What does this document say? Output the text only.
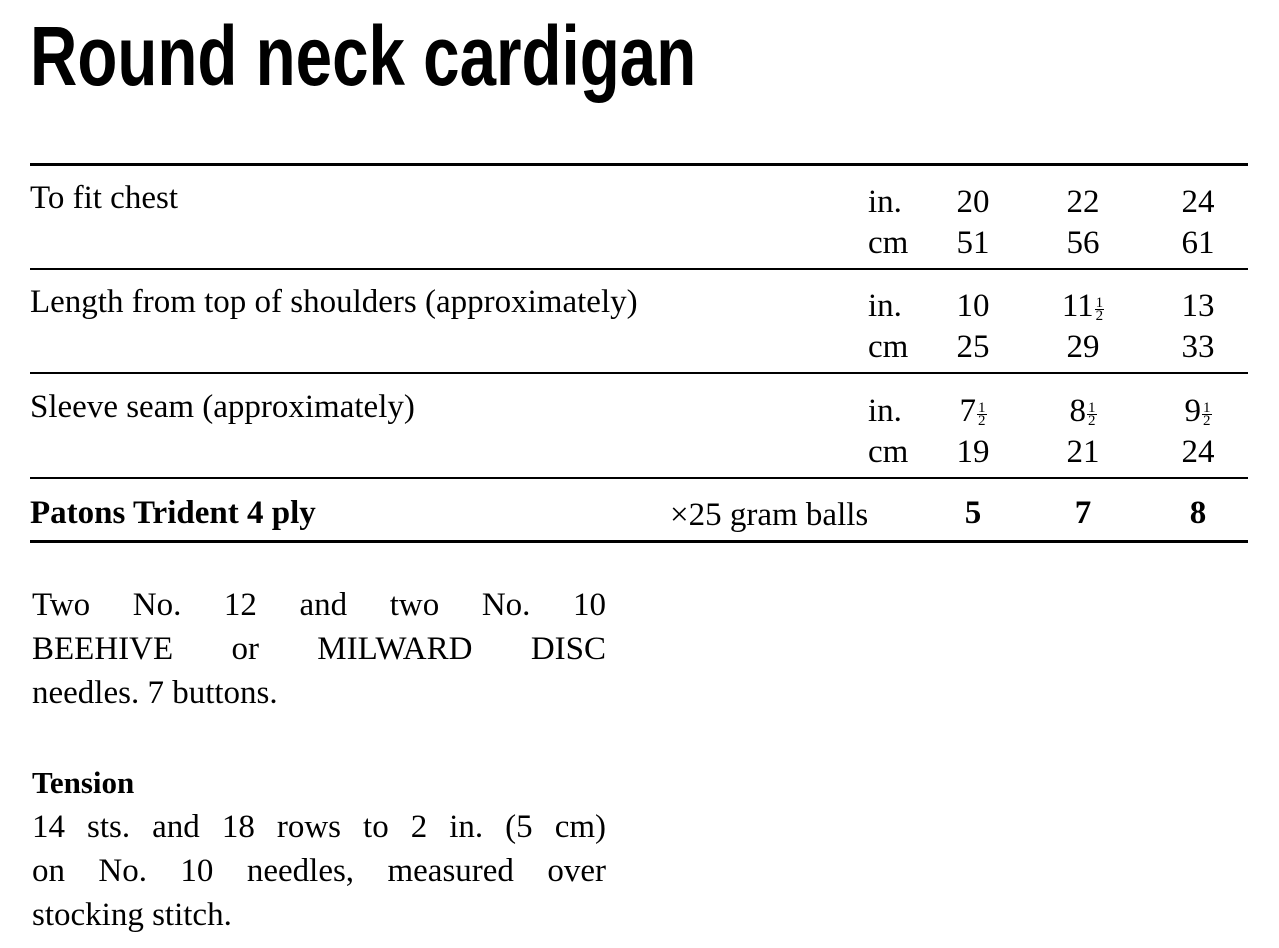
Round neck cardigan
To fit chest	in. 20 22	24
cm 51 56	61
Length from top of shoulders (approximately)	in. 10 $11 \frac{1}{2}$	13
cm 25 29	33
Sleeve seam (approximately)	in.	$7 \frac{1}{2}$	$8 \frac{1}{2}$	$9 \frac{1}{2}$
cm 19 21	24
Patons Trident 4 ply	×25 gram balls	5	7	8
Two No. 12 and two No. 10
BEEHIVE or MILWARD DISC
needles. 7 buttons.
Tension
14 sts. and 18 rows to 2 in. (5 cm)
on No. 10 needles, measured over
stocking stitch.
